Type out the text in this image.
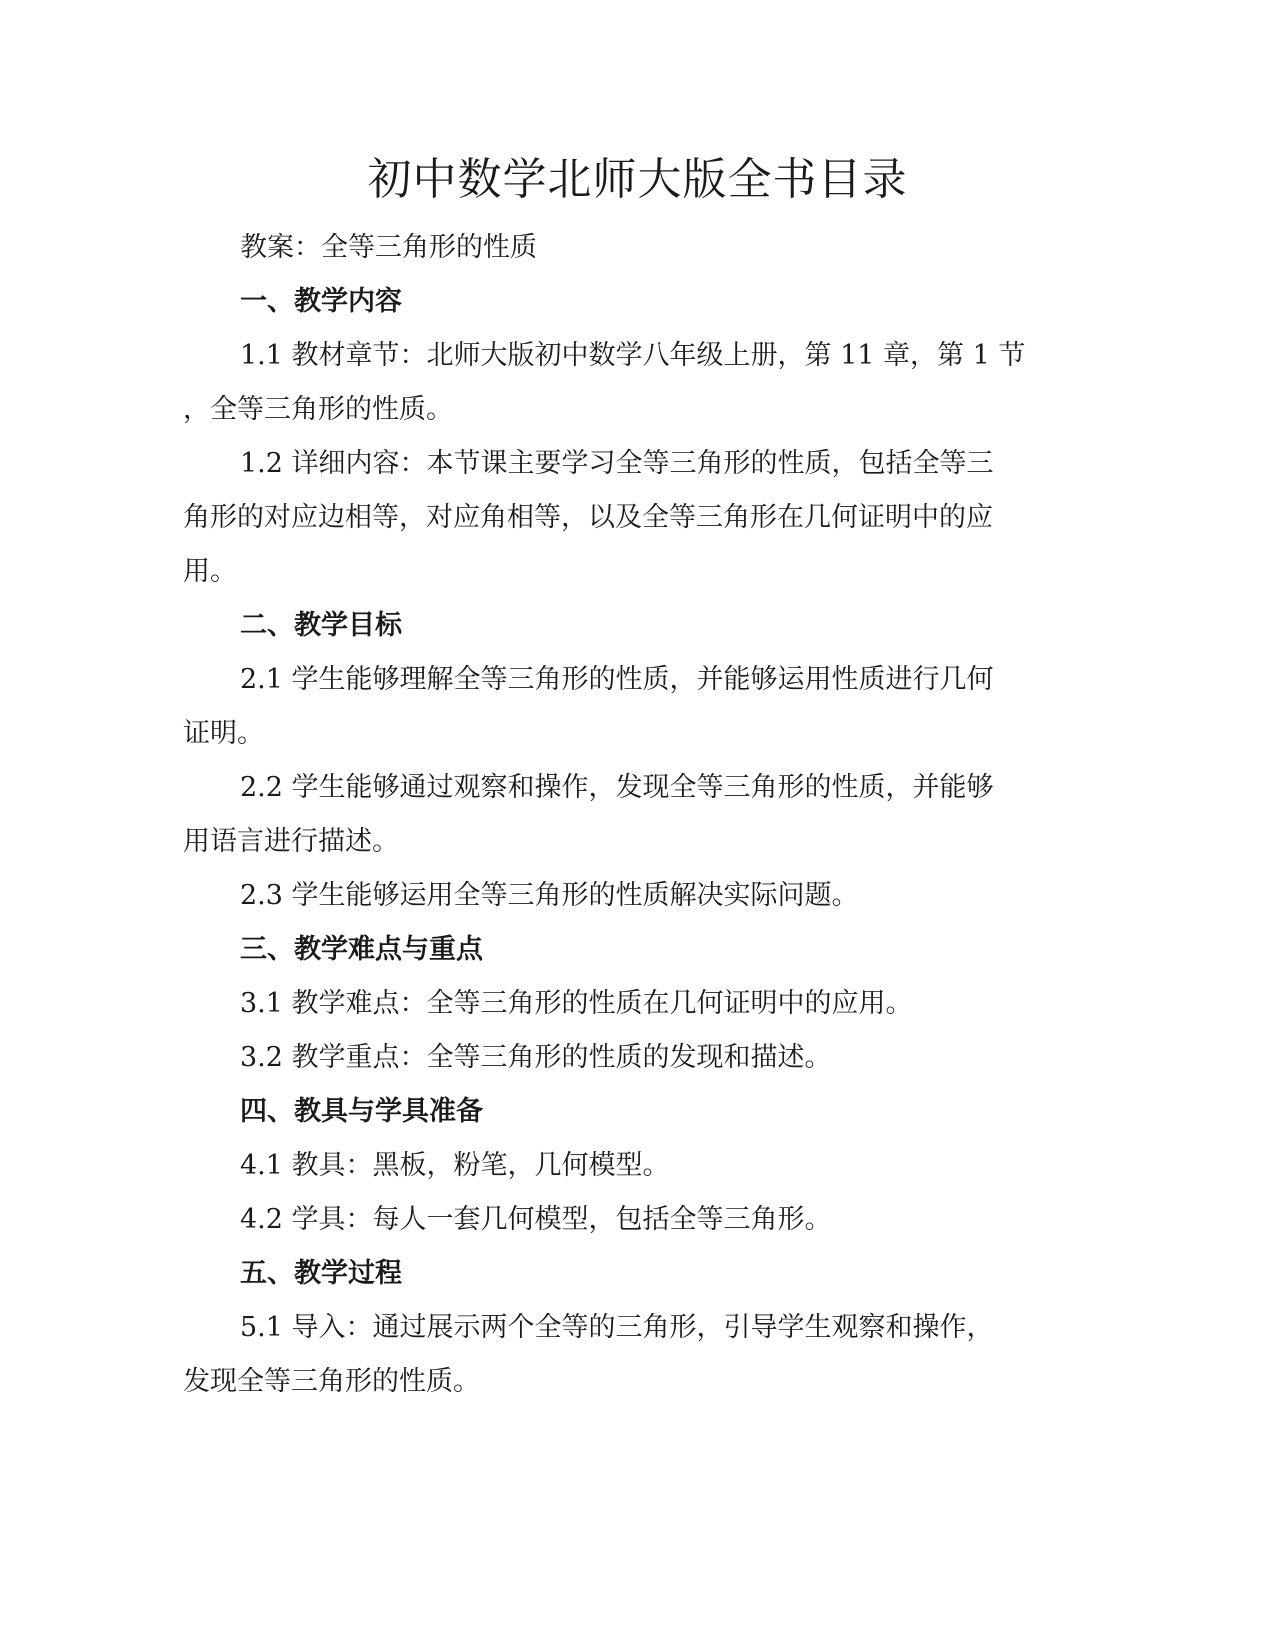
初中数学北师大版全书目录

教案：全等三角形的性质

一、教学内容

1.1 教材章节：北师大版初中数学八年级上册，第 11 章，第 1 节

，全等三角形的性质。

1.2 详细内容：本节课主要学习全等三角形的性质，包括全等三

角形的对应边相等，对应角相等，以及全等三角形在几何证明中的应

用。

二、教学目标

2.1 学生能够理解全等三角形的性质，并能够运用性质进行几何

证明。

2.2 学生能够通过观察和操作，发现全等三角形的性质，并能够

用语言进行描述。

2.3 学生能够运用全等三角形的性质解决实际问题。

三、教学难点与重点

3.1 教学难点：全等三角形的性质在几何证明中的应用。

3.2 教学重点：全等三角形的性质的发现和描述。

四、教具与学具准备

4.1 教具：黑板，粉笔，几何模型。

4.2 学具：每人一套几何模型，包括全等三角形。

五、教学过程

5.1 导入：通过展示两个全等的三角形，引导学生观察和操作，

发现全等三角形的性质。
